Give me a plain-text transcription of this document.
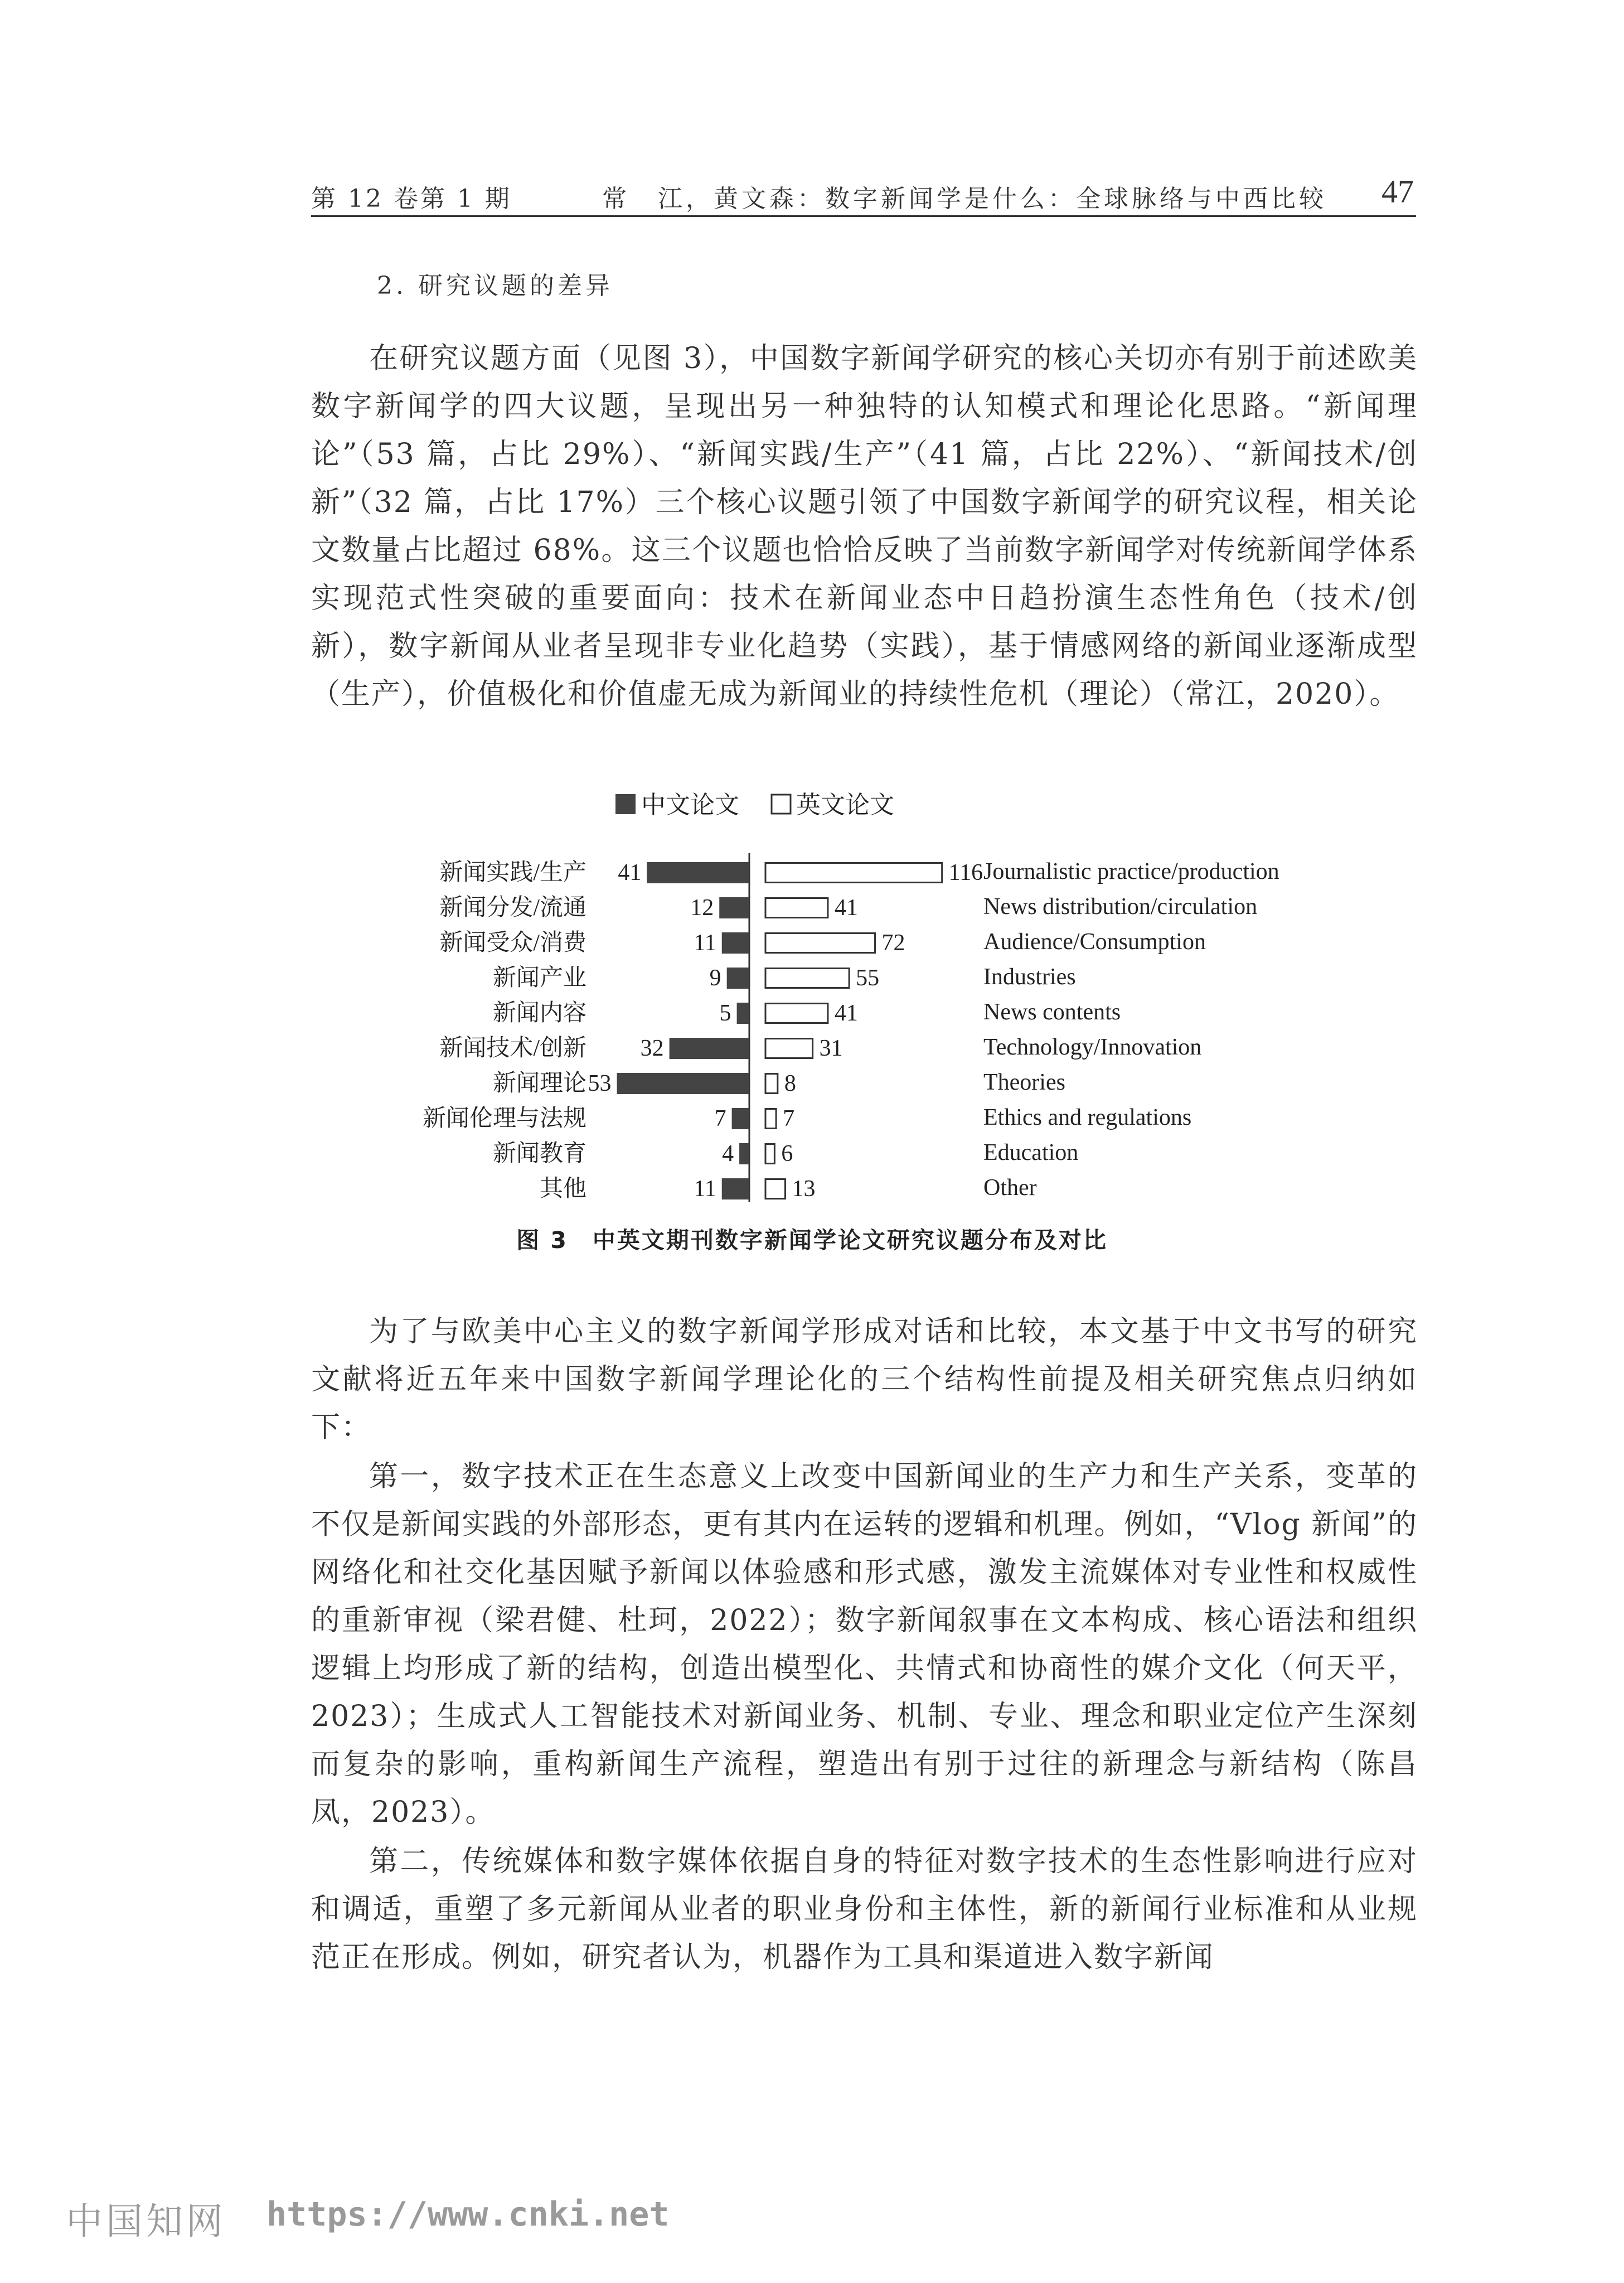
第 12 卷第 1 期	常　江，黄文森：数字新闻学是什么：全球脉络与中西比较 47
2. 研究议题的差异

在研究议题方面（见图 3），中国数字新闻学研究的核心关切亦有别于前述欧美数字新闻学的四大议题，呈现出另一种独特的认知模式和理论化思路。“新闻理论”（53 篇，占比 29%）、“新闻实践/生产”（41 篇，占比 22%）、“新闻技术/创新”（32 篇，占比 17%）三个核心议题引领了中国数字新闻学的研究议程，相关论文数量占比超过 68%。这三个议题也恰恰反映了当前数字新闻学对传统新闻学体系实现范式性突破的重要面向：技术在新闻业态中日趋扮演生态性角色（技术/创新），数字新闻从业者呈现非专业化趋势（实践），基于情感网络的新闻业逐渐成型（生产），价值极化和价值虚无成为新闻业的持续性危机（理论）（常江，2020）。

中文论文 英文论文
41	116
新闻实践/生产	Journalistic practice/production
12	41
新闻分发/流通	News distribution/circulation
11	72
新闻受众/消费	Audience/Consumption
9	55
新闻产业	Industries
5	41
新闻内容	News contents
32	31
新闻技术/创新	Technology/Innovation
53	8
新闻理论	Theories
7 7
新闻伦理与法规	Ethics and regulations
4 6
新闻教育	Education
11	13
其他	Other
图 3 中英文期刊数字新闻学论文研究议题分布及对比

为了与欧美中心主义的数字新闻学形成对话和比较，本文基于中文书写的研究文献将近五年来中国数字新闻学理论化的三个结构性前提及相关研究焦点归纳如下：

第一，数字技术正在生态意义上改变中国新闻业的生产力和生产关系，变革的不仅是新闻实践的外部形态，更有其内在运转的逻辑和机理。例如，“Vlog 新闻”的网络化和社交化基因赋予新闻以体验感和形式感，激发主流媒体对专业性和权威性的重新审视（梁君健、杜珂，2022）；数字新闻叙事在文本构成、核心语法和组织逻辑上均形成了新的结构，创造出模型化、共情式和协商性的媒介文化（何天平，2023）；生成式人工智能技术对新闻业务、机制、专业、理念和职业定位产生深刻而复杂的影响，重构新闻生产流程，塑造出有别于过往的新理念与新结构（陈昌凤，2023）。

第二，传统媒体和数字媒体依据自身的特征对数字技术的生态性影响进行应对和调适，重塑了多元新闻从业者的职业身份和主体性，新的新闻行业标准和从业规范正在形成。例如，研究者认为，机器作为工具和渠道进入数字新闻

中国知网 https://www.cnki.net
